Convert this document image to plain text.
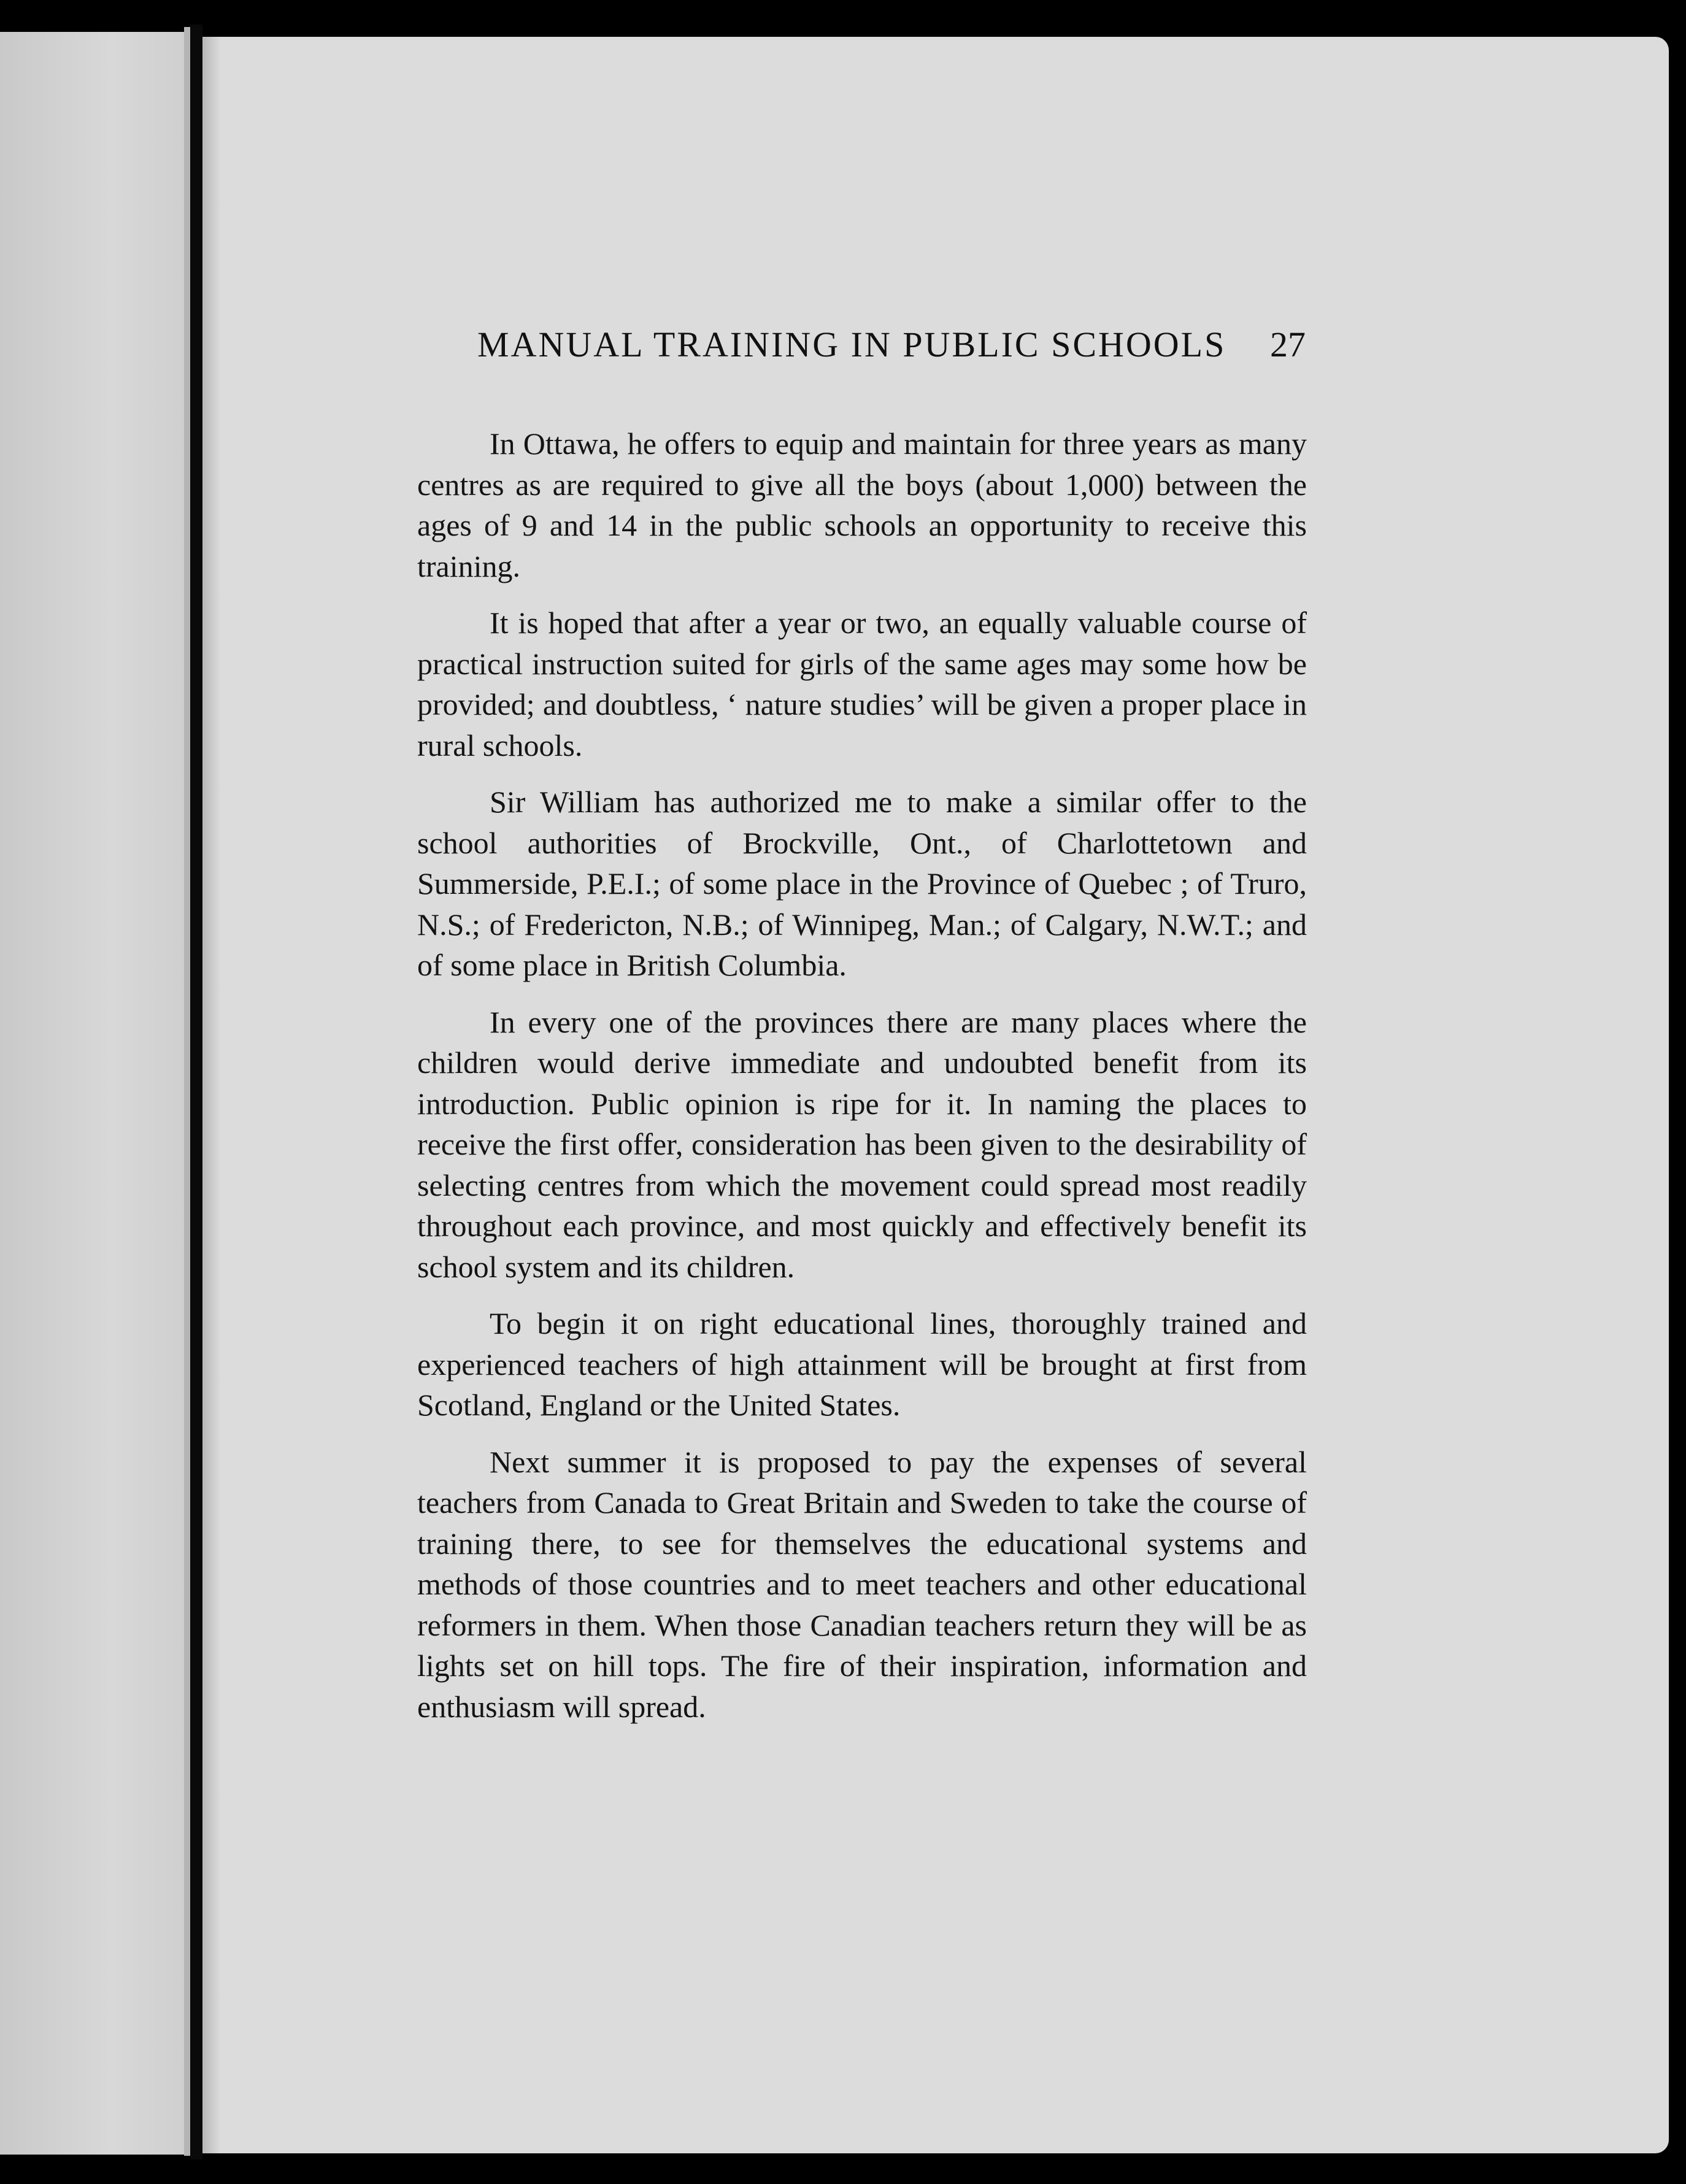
MANUAL TRAINING IN PUBLIC SCHOOLS 27

In Ottawa, he offers to equip and maintain for three years as many centres as are required to give all the boys (about 1,000) between the ages of 9 and 14 in the public schools an opportunity to receive this training.

It is hoped that after a year or two, an equally valuable course of practical instruction suited for girls of the same ages may some how be provided; and doubtless, ‘ nature studies’ will be given a proper place in rural schools.

Sir William has authorized me to make a similar offer to the school authorities of Brockville, Ont., of Charlottetown and Summerside, P.E.I.; of some place in the Province of Quebec ; of Truro, N.S.; of Fredericton, N.B.; of Winnipeg, Man.; of Calgary, N.W.T.; and of some place in British Columbia.

In every one of the provinces there are many places where the children would derive immediate and undoubted benefit from its introduction. Public opinion is ripe for it. In naming the places to receive the first offer, consideration has been given to the desirability of selecting centres from which the movement could spread most readily throughout each province, and most quickly and effectively benefit its school system and its children.

To begin it on right educational lines, thoroughly trained and experienced teachers of high attainment will be brought at first from Scotland, England or the United States.

Next summer it is proposed to pay the expenses of several teachers from Canada to Great Britain and Sweden to take the course of training there, to see for themselves the educational systems and methods of those countries and to meet teachers and other educational reformers in them. When those Canadian teachers return they will be as lights set on hill tops. The fire of their inspiration, information and enthusiasm will spread.
